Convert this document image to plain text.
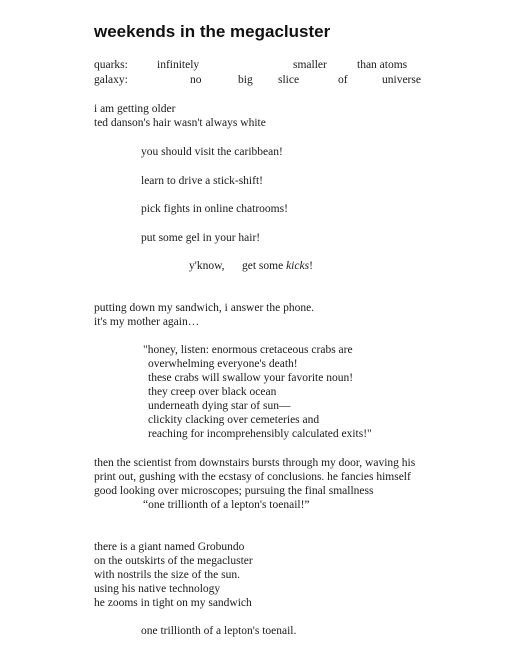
weekends in the megacluster
quarks:	infinitely	smaller	than atoms
galaxy:	no	big slice	of	universe
i am getting older
ted danson's hair wasn't always white
you should visit the caribbean!
learn to drive a stick-shift!
pick fights in online chatrooms!
put some gel in your hair!
y'know, get some kicks!
putting down my sandwich, i answer the phone.
it's my mother again…
"honey, listen: enormous cretaceous crabs are
overwhelming everyone's death!
these crabs will swallow your favorite noun!
they creep over black ocean
underneath dying star of sun—
clickity clacking over cemeteries and
reaching for incomprehensibly calculated exits!"
then the scientist from downstairs bursts through my door, waving his
print out, gushing with the ecstasy of conclusions. he fancies himself
good looking over microscopes; pursuing the final smallness
“one trillionth of a lepton's toenail!”
there is a giant named Grobundo
on the outskirts of the megacluster
with nostrils the size of the sun.
using his native technology
he zooms in tight on my sandwich
one trillionth of a lepton's toenail.
